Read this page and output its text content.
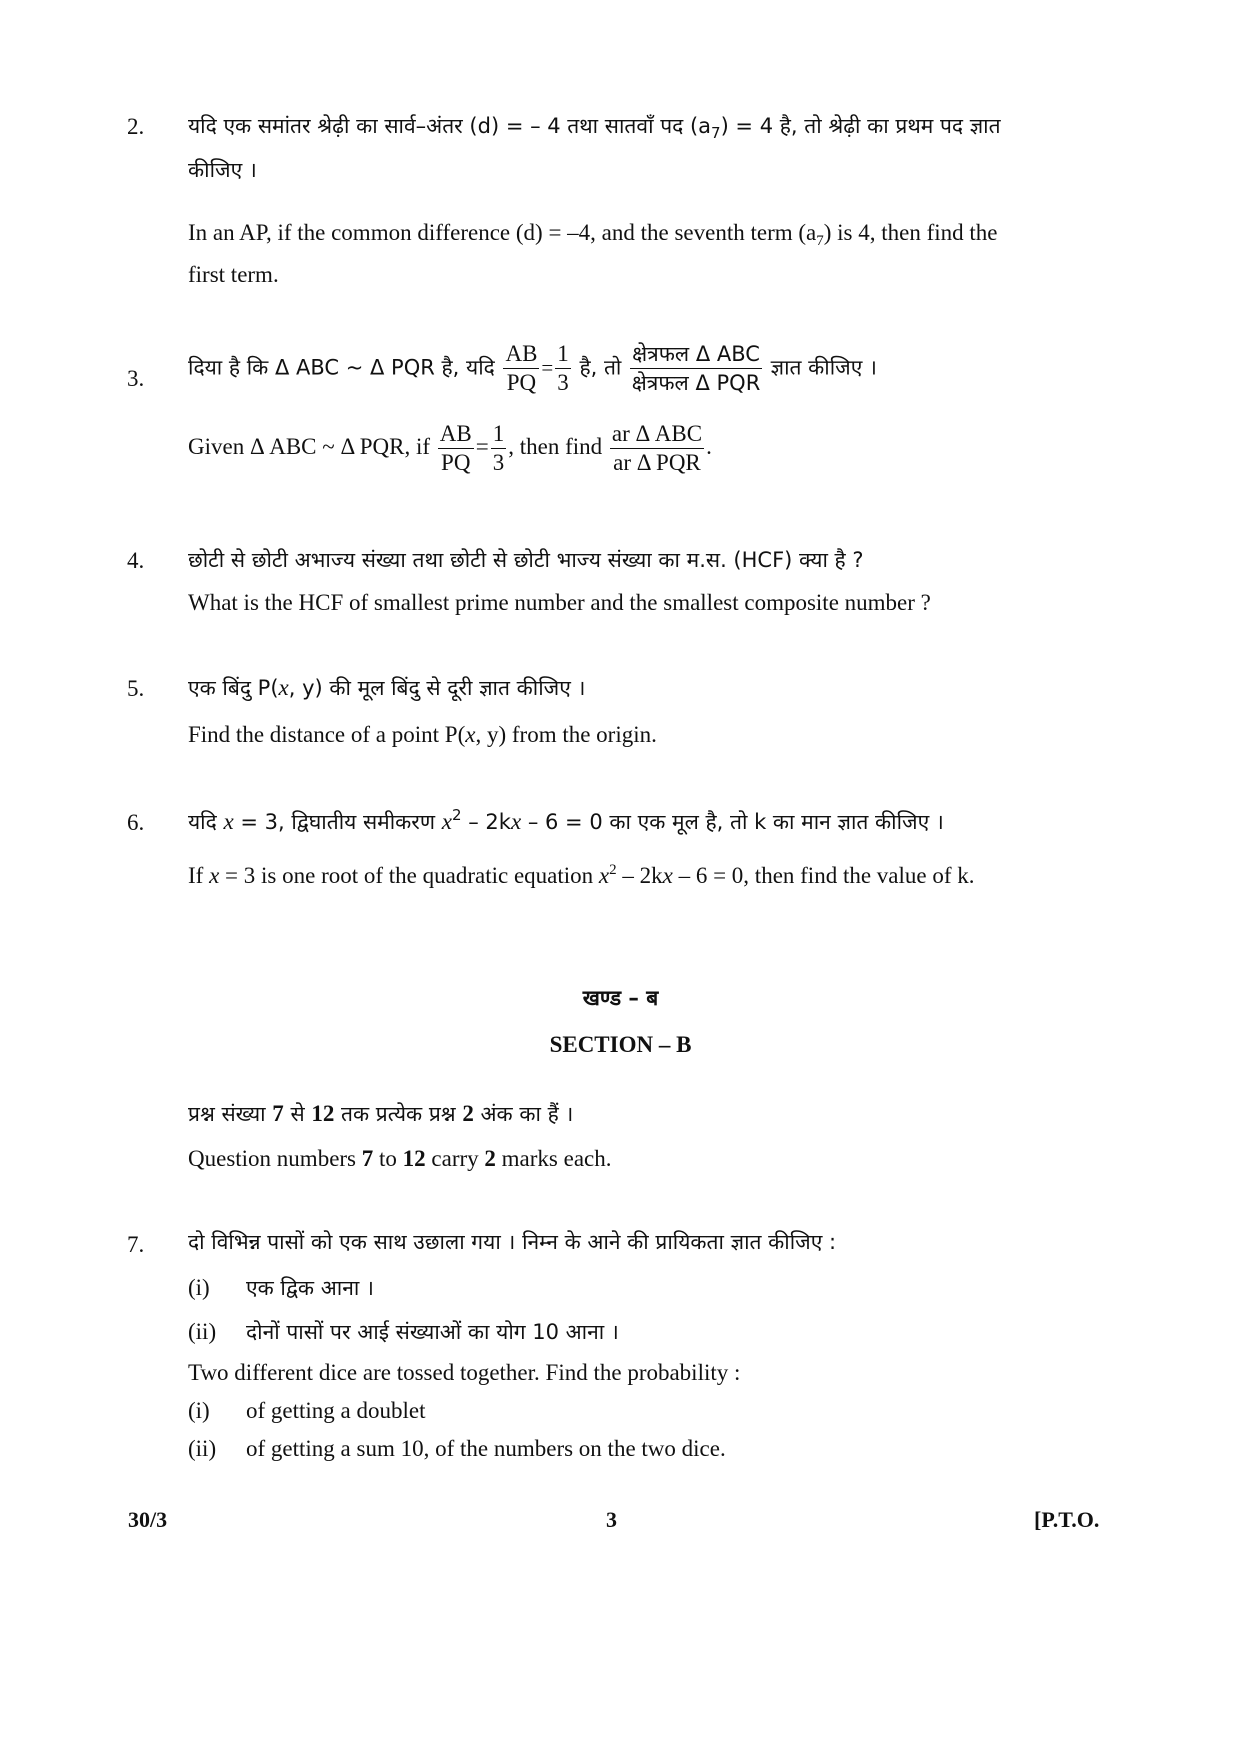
2. यदि एक समांतर श्रेढ़ी का सार्व–अंतर (d) = – 4 तथा सातवाँ पद $(a_7) = 4$ है, तो श्रेढ़ी का प्रथम पद ज्ञात
कीजिए ।
In an AP, if the common difference (d) = –4, and the seventh term $(a_7)$ is 4, then find the
first term.
3. दिया है कि Δ ABC ~ Δ PQR है, यदि $\frac{AB}{PQ} = \frac{1}{3}$ है, तो $\frac{\text{क्षेत्रफल Δ ABC}}{\text{क्षेत्रफल Δ PQR}}$ ज्ञात कीजिए ।
Given Δ ABC ~ Δ PQR, if $\frac{AB}{PQ} = \frac{1}{3}$ , then find $\frac{\text{ar Δ ABC}}{\text{ar Δ PQR}}$ .
4. छोटी से छोटी अभाज्य संख्या तथा छोटी से छोटी भाज्य संख्या का म.स. (HCF) क्या है ?
What is the HCF of smallest prime number and the smallest composite number ?
5. एक बिंदु P(x, y) की मूल बिंदु से दूरी ज्ञात कीजिए ।
Find the distance of a point P(x, y) from the origin.
6. यदि x = 3, द्विघातीय समीकरण $x^2 - 2kx - 6 = 0$ का एक मूल है, तो k का मान ज्ञात कीजिए ।
If x = 3 is one root of the quadratic equation $x^2 - 2kx - 6 = 0$, then find the value of k.
खण्ड – ब
SECTION – B
प्रश्न संख्या 7 से 12 तक प्रत्येक प्रश्न 2 अंक का हैं ।
Question numbers 7 to 12 carry 2 marks each.
7. दो विभिन्न पासों को एक साथ उछाला गया । निम्न के आने की प्रायिकता ज्ञात कीजिए :
(i) एक द्विक आना ।
(ii) दोनों पासों पर आई संख्याओं का योग 10 आना ।
Two different dice are tossed together. Find the probability :
(i) of getting a doublet
(ii) of getting a sum 10, of the numbers on the two dice.
30/3	3	[P.T.O.
